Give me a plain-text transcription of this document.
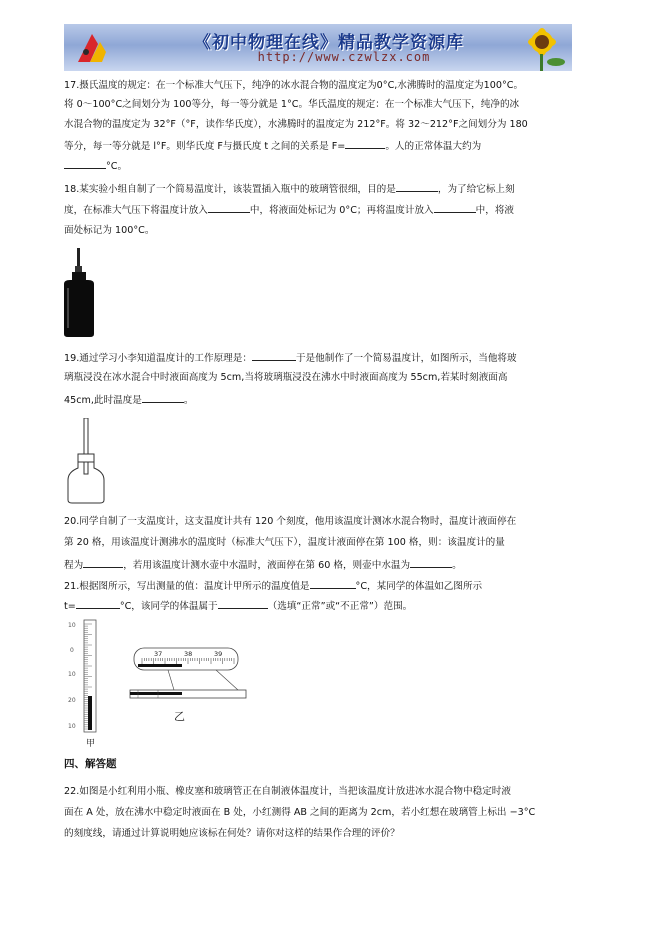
《初中物理在线》精品教学资源库
http://www.czwlzx.com
17.摄氏温度的规定：在一个标准大气压下，纯净的冰水混合物的温度定为0°C,水沸腾时的温度定为100°C。
将 0～100°C之间划分为 100等分，每一等分就是 1°C。华氏温度的规定：在一个标准大气压下，纯净的冰
水混合物的温度定为 32°F（°F，读作华氏度），水沸腾时的温度定为 212°F。将 32～212°F之间划分为 180
等分，每一等分就是 l°F。则华氏度 F与摄氏度 t 之间的关系是 F=	。人的正常体温大约为
°C。
18.某实验小组自制了一个简易温度计，该装置插入瓶中的玻璃管很细，目的是	，为了给它标上刻
度，在标准大气压下将温度计放入	中，将液面处标记为 0°C；再将温度计放入	中，将液
面处标记为 100°C。
19.通过学习小李知道温度计的工作原理是：	于是他制作了一个简易温度计，如图所示，当他将玻
璃瓶浸没在冰水混合中时液面高度为 5cm,当将玻璃瓶浸没在沸水中时液面高度为 55cm,若某时刻液面高
45cm,此时温度是	。
20.同学自制了一支温度计，这支温度计共有 120 个刻度，他用该温度计测冰水混合物时，温度计液面停在
第 20 格，用该温度计测沸水的温度时（标准大气压下），温度计液面停在第 100 格，则：该温度计的量
程为	，若用该温度计测水壶中水温时，液面停在第 60 格，则壶中水温为	。
21.根据图所示，写出测量的值：温度计甲所示的温度值是	°C，某同学的体温如乙图所示
t=	°C，该同学的体温属于	（选填“正常”或“不正常”）范围。
10
0
10
20
10
甲
37	38	39
乙
四、解答题
22.如图是小红利用小瓶、橡皮塞和玻璃管正在自制液体温度计，当把该温度计放进冰水混合物中稳定时液
面在 A 处，放在沸水中稳定时液面在 B 处，小红测得 AB 之间的距离为 2cm，若小红想在玻璃管上标出 −3°C
的刻度线，请通过计算说明她应该标在何处？请你对这样的结果作合理的评价？
